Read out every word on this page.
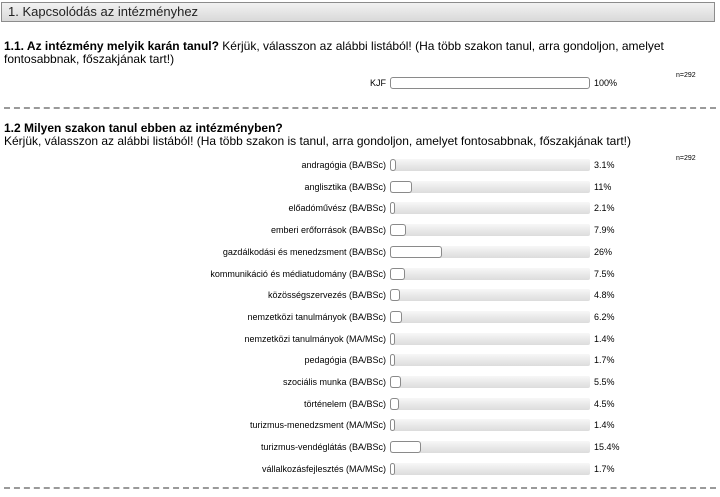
1. Kapcsolódás az intézményhez
1.1. Az intézmény melyik karán tanul? Kérjük, válasszon az alábbi listából! (Ha több szakon tanul, arra gondoljon, amelyet fontosabbnak, főszakjának tart!)
n=292
KJF	100%
1.2 Milyen szakon tanul ebben az intézményben?
Kérjük, válasszon az alábbi listából! (Ha több szakon is tanul, arra gondoljon, amelyet fontosabbnak, főszakjának tart!)
n=292
andragógia (BA/BSc)	3.1%
anglisztika (BA/BSc)	11%
előadóművész (BA/BSc)	2.1%
emberi erőforrások (BA/BSc)	7.9%
gazdálkodási és menedzsment (BA/BSc)	26%
kommunikáció és médiatudomány (BA/BSc)	7.5%
közösségszervezés (BA/BSc)	4.8%
nemzetközi tanulmányok (BA/BSc)	6.2%
nemzetközi tanulmányok (MA/MSc)	1.4%
pedagógia (BA/BSc)	1.7%
szociális munka (BA/BSc)	5.5%
történelem (BA/BSc)	4.5%
turizmus-menedzsment (MA/MSc)	1.4%
turizmus-vendéglátás (BA/BSc)	15.4%
vállalkozásfejlesztés (MA/MSc)	1.7%
